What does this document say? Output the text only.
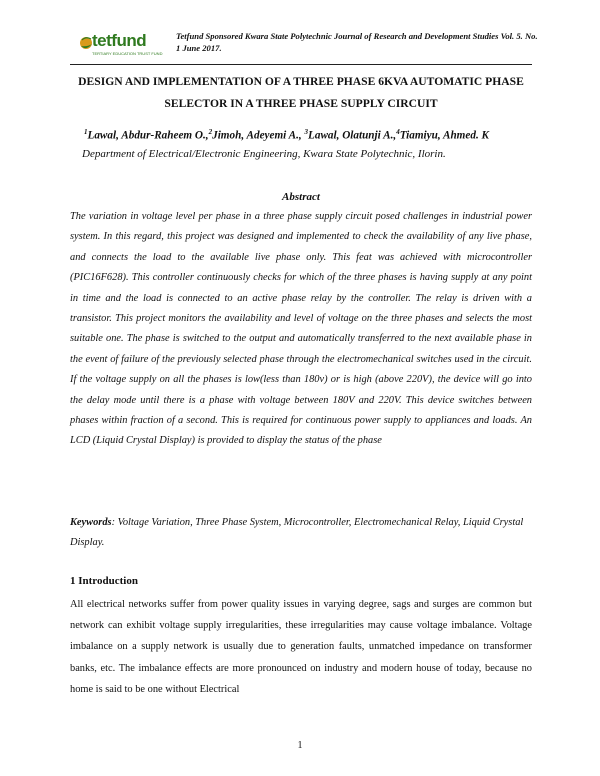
tetfund
TERTIARY EDUCATION TRUST FUND
Tetfund Sponsored Kwara State Polytechnic Journal of Research and Development Studies Vol. 5. No. 1 June 2017.
DESIGN AND IMPLEMENTATION OF A THREE PHASE 6KVA AUTOMATIC PHASE SELECTOR IN A THREE PHASE SUPPLY CIRCUIT
$^1$Lawal, Abdur-Raheem O.,$^2$Jimoh, Adeyemi A., $^3$Lawal, Olatunji A.,$^4$Tiamiyu, Ahmed. K
Department of Electrical/Electronic Engineering, Kwara State Polytechnic, Ilorin.
Abstract

The variation in voltage level per phase in a three phase supply circuit posed challenges in industrial power system. In this regard, this project was designed and implemented to check the availability of any live phase, and connects the load to the available live phase only. This feat was achieved with microcontroller (PIC16F628). This controller continuously checks for which of the three phases is having supply at any point in time and the load is connected to an active phase relay by the controller. The relay is driven with a transistor. This project monitors the availability and level of voltage on the three phases and selects the most suitable one. The phase is switched to the output and automatically transferred to the next available phase in the event of failure of the previously selected phase through the electromechanical switches used in the circuit. If the voltage supply on all the phases is low(less than 180v) or is high (above 220V), the device will go into the delay mode until there is a phase with voltage between 180V and 220V. This device switches between phases within fraction of a second. This is required for continuous power supply to appliances and loads. An LCD (Liquid Crystal Display) is provided to display the status of the phase

Keywords: Voltage Variation, Three Phase System, Microcontroller, Electromechanical Relay, Liquid Crystal Display.

1 Introduction

All electrical networks suffer from power quality issues in varying degree, sags and surges are common but network can exhibit voltage supply irregularities, these irregularities may cause voltage imbalance. Voltage imbalance on a supply network is usually due to generation faults, unmatched impedance on transformer banks, etc. The imbalance effects are more pronounced on industry and modern house of today, because no home is said to be one without Electrical

1
